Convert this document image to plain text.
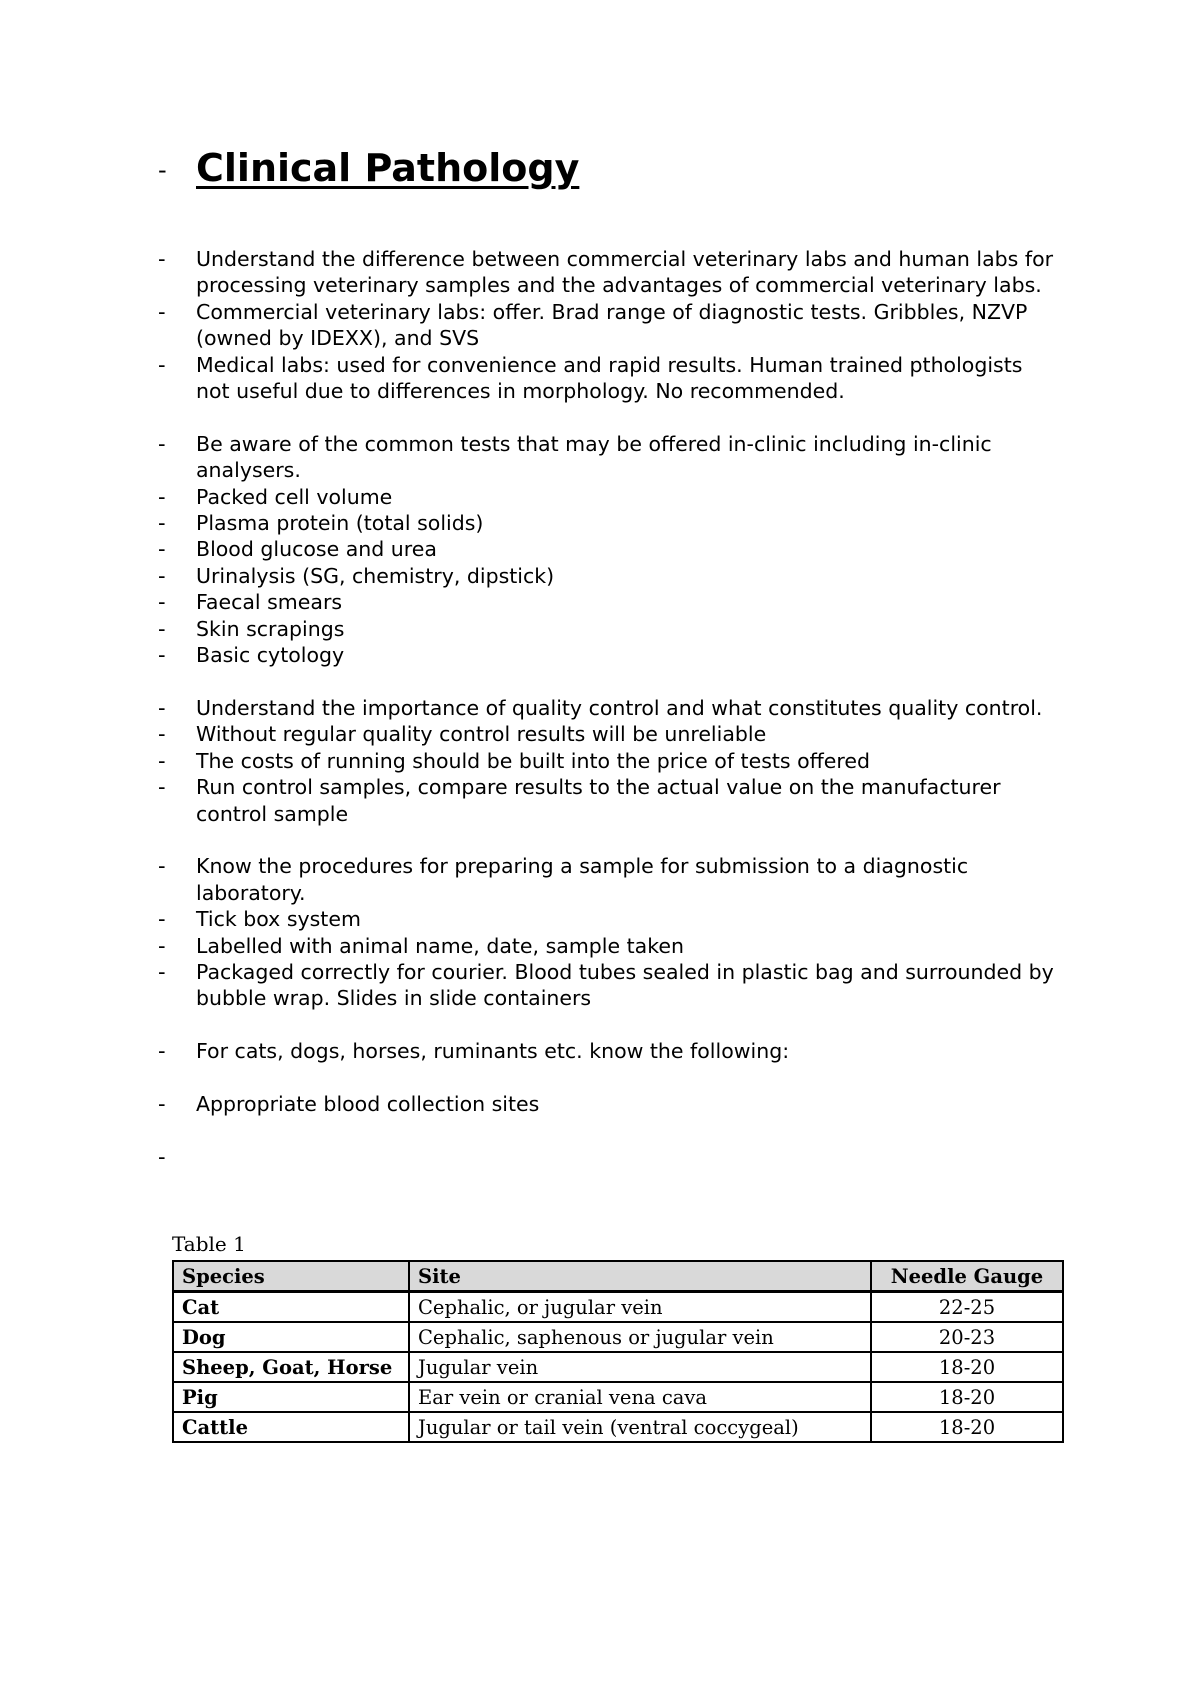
- Clinical Pathology
-	Understand the difference between commercial veterinary labs and human labs for processing veterinary samples and the advantages of commercial veterinary labs.
-	Commercial veterinary labs: offer. Brad range of diagnostic tests. Gribbles, NZVP (owned by IDEXX), and SVS
-	Medical labs: used for convenience and rapid results. Human trained pthologists not useful due to differences in morphology. No recommended.
-	Be aware of the common tests that may be offered in-clinic including in-clinic analysers.
-	Packed cell volume
-	Plasma protein (total solids)
-	Blood glucose and urea
-	Urinalysis (SG, chemistry, dipstick)
-	Faecal smears
-	Skin scrapings
-	Basic cytology
-	Understand the importance of quality control and what constitutes quality control.
-	Without regular quality control results will be unreliable
-	The costs of running should be built into the price of tests offered
-	Run control samples, compare results to the actual value on the manufacturer control sample
-	Know the procedures for preparing a sample for submission to a diagnostic laboratory.
-	Tick box system
-	Labelled with animal name, date, sample taken
-	Packaged correctly for courier. Blood tubes sealed in plastic bag and surrounded by bubble wrap. Slides in slide containers
-	For cats, dogs, horses, ruminants etc. know the following:
-	Appropriate blood collection sites
-
Table 1
Species	Site	Needle Gauge
Cat	Cephalic, or jugular vein	22-25
Dog	Cephalic, saphenous or jugular vein	20-23
Sheep, Goat, Horse	Jugular vein	18-20
Pig	Ear vein or cranial vena cava	18-20
Cattle	Jugular or tail vein (ventral coccygeal)	18-20
